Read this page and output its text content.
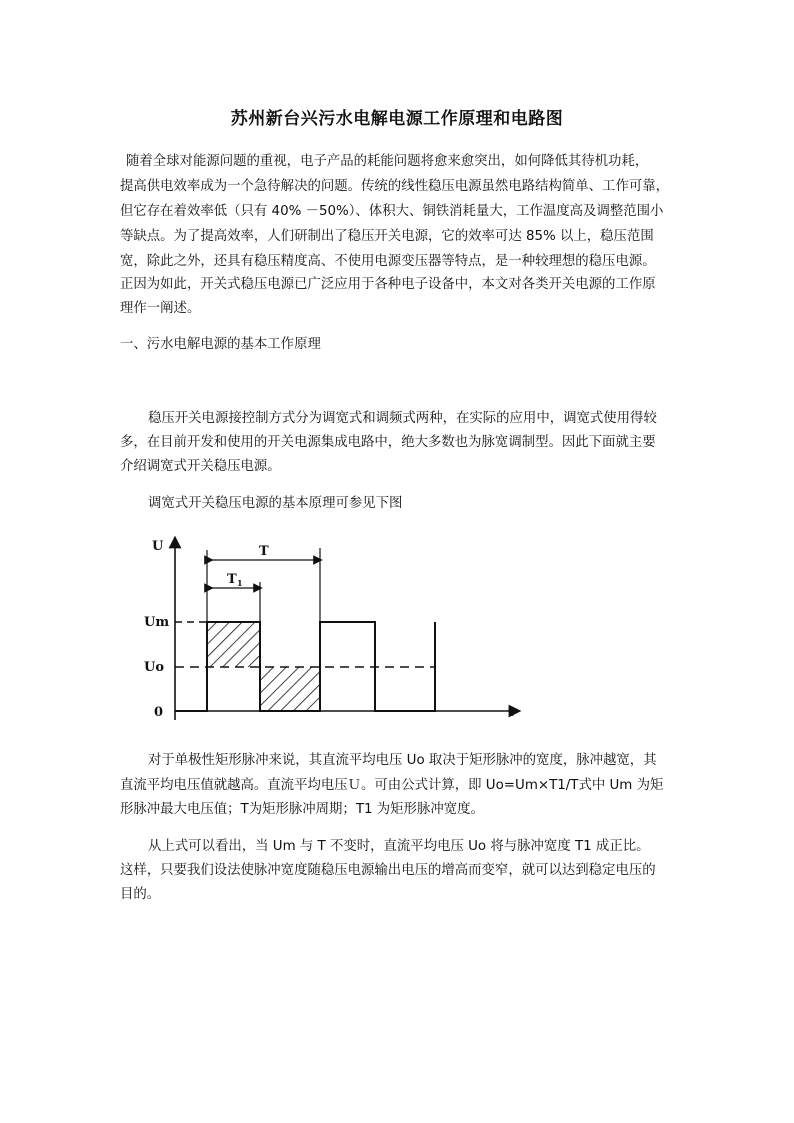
苏州新台兴污水电解电源工作原理和电路图
随着全球对能源问题的重视，电子产品的耗能问题将愈来愈突出，如何降低其待机功耗，
提高供电效率成为一个急待解决的问题。传统的线性稳压电源虽然电路结构简单、工作可靠，
但它存在着效率低（只有 40% －50%）、体积大、铜铁消耗量大，工作温度高及调整范围小
等缺点。为了提高效率，人们研制出了稳压开关电源，它的效率可达 85% 以上，稳压范围
宽，除此之外，还具有稳压精度高、不使用电源变压器等特点，是一种较理想的稳压电源。
正因为如此，开关式稳压电源已广泛应用于各种电子设备中，本文对各类开关电源的工作原
理作一阐述。
一、污水电解电源的基本工作原理
稳压开关电源接控制方式分为调宽式和调频式两种，在实际的应用中，调宽式使用得较
多，在目前开发和使用的开关电源集成电路中，绝大多数也为脉宽调制型。因此下面就主要
介绍调宽式开关稳压电源。
调宽式开关稳压电源的基本原理可参见下图
U
t
T
T 1
Um
Uo
0
对于单极性矩形脉冲来说，其直流平均电压 Uo 取决于矩形脉冲的宽度，脉冲越宽，其
直流平均电压值就越高。直流平均电压Ｕ。可由公式计算，即 Uo=Um×T1/T式中 Um 为矩
形脉冲最大电压值；T为矩形脉冲周期；T1 为矩形脉冲宽度。
从上式可以看出，当 Um 与 T 不变时，直流平均电压 Uo 将与脉冲宽度 T1 成正比。
这样，只要我们设法使脉冲宽度随稳压电源输出电压的增高而变窄，就可以达到稳定电压的
目的。
